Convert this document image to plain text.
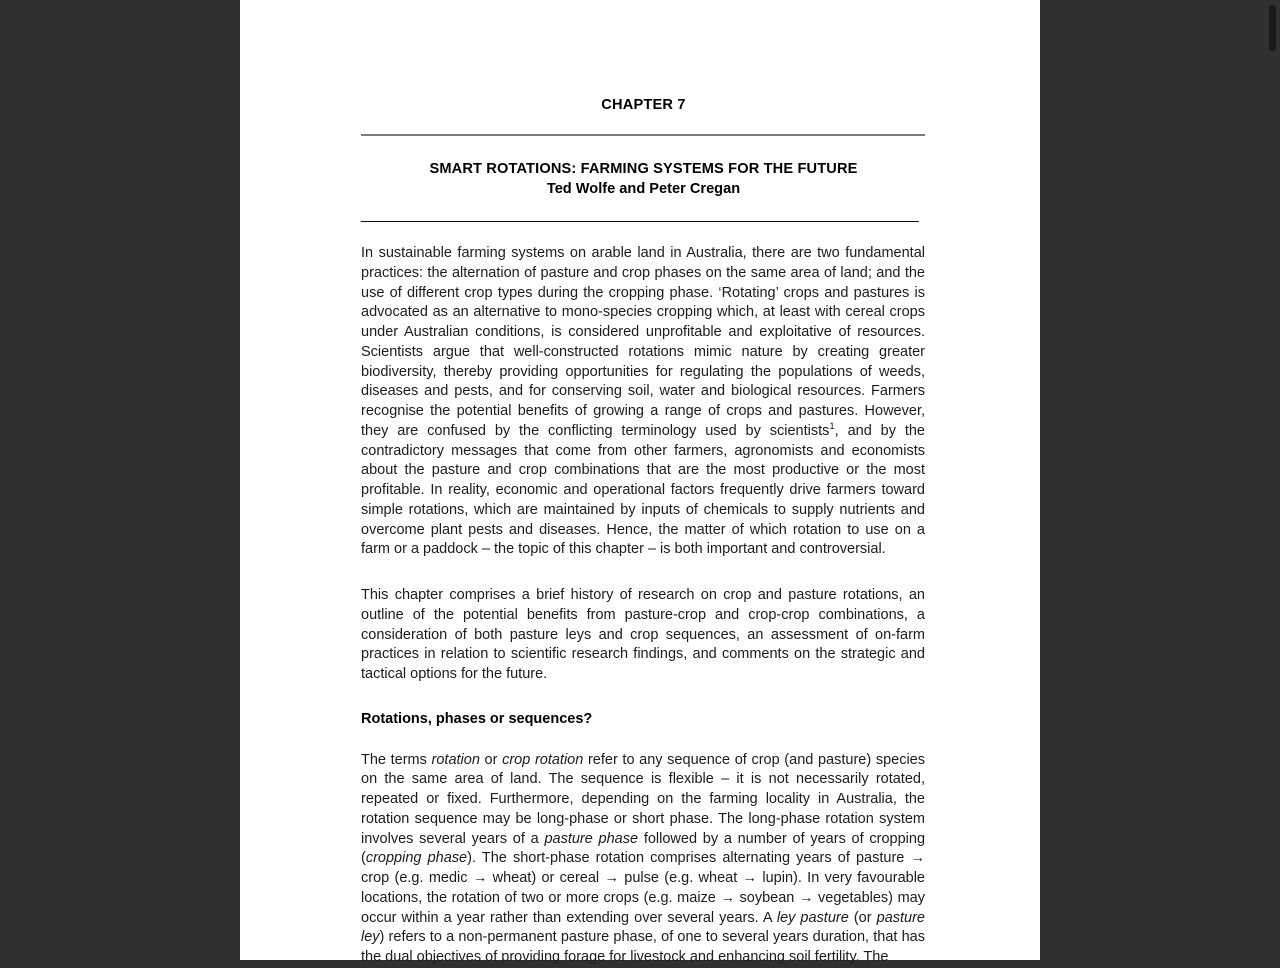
CHAPTER 7
SMART ROTATIONS: FARMING SYSTEMS FOR THE FUTURE
Ted Wolfe and Peter Cregan
______________________________________________________________________

In sustainable farming systems on arable land in Australia, there are two fundamental practices: the alternation of pasture and crop phases on the same area of land; and the use of different crop types during the cropping phase. ‘Rotating’ crops and pastures is advocated as an alternative to mono-species cropping which, at least with cereal crops under Australian conditions, is considered unprofitable and exploitative of resources. Scientists argue that well-constructed rotations mimic nature by creating greater biodiversity, thereby providing opportunities for regulating the populations of weeds, diseases and pests, and for conserving soil, water and biological resources. Farmers recognise the potential benefits of growing a range of crops and pastures. However, they are confused by the conflicting terminology used by scientists$^1$, and by the contradictory messages that come from other farmers, agronomists and economists about the pasture and crop combinations that are the most productive or the most profitable. In reality, economic and operational factors frequently drive farmers toward simple rotations, which are maintained by inputs of chemicals to supply nutrients and overcome plant pests and diseases. Hence, the matter of which rotation to use on a farm or a paddock – the topic of this chapter – is both important and controversial.

This chapter comprises a brief history of research on crop and pasture rotations, an outline of the potential benefits from pasture-crop and crop-crop combinations, a consideration of both pasture leys and crop sequences, an assessment of on-farm practices in relation to scientific research findings, and comments on the strategic and tactical options for the future.

Rotations, phases or sequences?

The terms rotation or crop rotation refer to any sequence of crop (and pasture) species on the same area of land. The sequence is flexible – it is not necessarily rotated, repeated or fixed. Furthermore, depending on the farming locality in Australia, the rotation sequence may be long-phase or short phase. The long-phase rotation system involves several years of a pasture phase followed by a number of years of cropping (cropping phase). The short-phase rotation comprises alternating years of pasture → crop (e.g. medic → wheat) or cereal → pulse (e.g. wheat → lupin). In very favourable locations, the rotation of two or more crops (e.g. maize → soybean → vegetables) may occur within a year rather than extending over several years. A ley pasture (or pasture ley) refers to a non-permanent pasture phase, of one to several years duration, that has the dual objectives of providing forage for livestock and enhancing soil fertility. The
